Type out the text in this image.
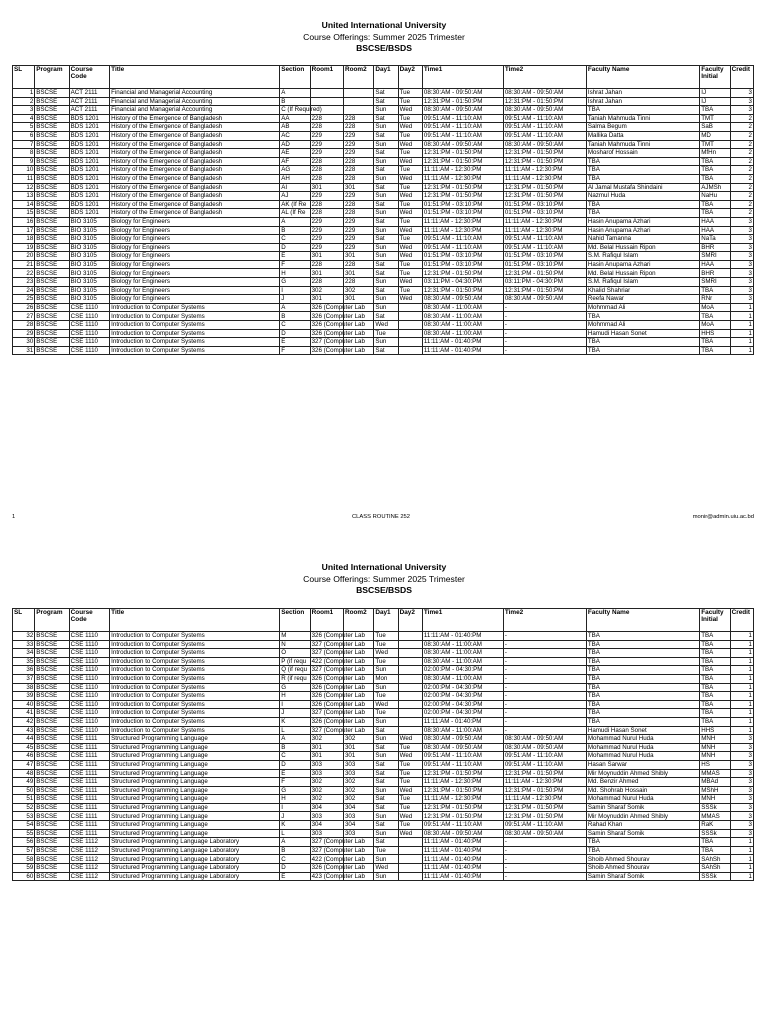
United International University
Course Offerings: Summer 2025 Trimester
BSCSE/BSDS
SL	Program	Course Code	Title	Section	Room1	Room2	Day1	Day2	Time1	Time2	Faculty Name	Faculty Initial	Credit
1	BSCSE	ACT 2111	Financial and Managerial Accounting	A			Sat	Tue	08:30:AM - 09:50:AM	08:30:AM - 09:50:AM	Ishrat Jahan	IJ	3
2	BSCSE	ACT 2111	Financial and Managerial Accounting	B			Sat	Tue	12:31:PM - 01:50:PM	12:31:PM - 01:50:PM	Ishrat Jahan	IJ	3
3	BSCSE	ACT 2111	Financial and Managerial Accounting	C (If Required)			Sun	Wed	08:30:AM - 09:50:AM	08:30:AM - 09:50:AM	TBA	TBA	3
4	BSCSE	BDS 1201	History of the Emergence of Bangladesh	AA	228	228	Sat	Tue	09:51:AM - 11:10:AM	09:51:AM - 11:10:AM	Taniah Mahmuda Tinni	TMT	2
5	BSCSE	BDS 1201	History of the Emergence of Bangladesh	AB	228	228	Sun	Wed	09:51:AM - 11:10:AM	09:51:AM - 11:10:AM	Salma Begum	SaB	2
6	BSCSE	BDS 1201	History of the Emergence of Bangladesh	AC	229	229	Sat	Tue	09:51:AM - 11:10:AM	09:51:AM - 11:10:AM	Mallika Datta	MD	2
7	BSCSE	BDS 1201	History of the Emergence of Bangladesh	AD	229	229	Sun	Wed	08:30:AM - 09:50:AM	08:30:AM - 09:50:AM	Taniah Mahmuda Tinni	TMT	2
8	BSCSE	BDS 1201	History of the Emergence of Bangladesh	AE	229	229	Sat	Tue	12:31:PM - 01:50:PM	12:31:PM - 01:50:PM	Mosharof Hossain	MfHn	2
9	BSCSE	BDS 1201	History of the Emergence of Bangladesh	AF	228	228	Sun	Wed	12:31:PM - 01:50:PM	12:31:PM - 01:50:PM	TBA	TBA	2
10	BSCSE	BDS 1201	History of the Emergence of Bangladesh	AG	228	228	Sat	Tue	11:11:AM - 12:30:PM	11:11:AM - 12:30:PM	TBA	TBA	2
11	BSCSE	BDS 1201	History of the Emergence of Bangladesh	AH	228	228	Sun	Wed	11:11:AM - 12:30:PM	11:11:AM - 12:30:PM	TBA	TBA	2
12	BSCSE	BDS 1201	History of the Emergence of Bangladesh	AI	301	301	Sat	Tue	12:31:PM - 01:50:PM	12:31:PM - 01:50:PM	Al Jamal Mustafa Shindaini	AJMSh	2
13	BSCSE	BDS 1201	History of the Emergence of Bangladesh	AJ	229	229	Sun	Wed	12:31:PM - 01:50:PM	12:31:PM - 01:50:PM	Nazmul Huda	NaHu	2
14	BSCSE	BDS 1201	History of the Emergence of Bangladesh	AK (If Re	228	228	Sat	Tue	01:51:PM - 03:10:PM	01:51:PM - 03:10:PM	TBA	TBA	2
15	BSCSE	BDS 1201	History of the Emergence of Bangladesh	AL (If Re	228	228	Sun	Wed	01:51:PM - 03:10:PM	01:51:PM - 03:10:PM	TBA	TBA	2
16	BSCSE	BIO 3105	Biology for Engineers	A	229	229	Sat	Tue	11:11:AM - 12:30:PM	11:11:AM - 12:30:PM	Hasin Anupama Azhari	HAA	3
17	BSCSE	BIO 3105	Biology for Engineers	B	229	229	Sun	Wed	11:11:AM - 12:30:PM	11:11:AM - 12:30:PM	Hasin Anupama Azhari	HAA	3
18	BSCSE	BIO 3105	Biology for Engineers	C	229	229	Sat	Tue	09:51:AM - 11:10:AM	09:51:AM - 11:10:AM	Nahid Tamanna	NaTa	3
19	BSCSE	BIO 3105	Biology for Engineers	D	229	229	Sun	Wed	09:51:AM - 11:10:AM	09:51:AM - 11:10:AM	Md. Belal Hussain Ripon	BHR	3
20	BSCSE	BIO 3105	Biology for Engineers	E	301	301	Sun	Wed	01:51:PM - 03:10:PM	01:51:PM - 03:10:PM	S.M. Rafiqul Islam	SMRI	3
21	BSCSE	BIO 3105	Biology for Engineers	F	228	228	Sat	Tue	01:51:PM - 03:10:PM	01:51:PM - 03:10:PM	Hasin Anupama Azhari	HAA	3
22	BSCSE	BIO 3105	Biology for Engineers	H	301	301	Sat	Tue	12:31:PM - 01:50:PM	12:31:PM - 01:50:PM	Md. Belal Hussain Ripon	BHR	3
23	BSCSE	BIO 3105	Biology for Engineers	G	228	228	Sun	Wed	03:11:PM - 04:30:PM	03:11:PM - 04:30:PM	S.M. Rafiqul Islam	SMRI	3
24	BSCSE	BIO 3105	Biology for Engineers	I	302	302	Sat	Tue	12:31:PM - 01:50:PM	12:31:PM - 01:50:PM	Khalid Shahriar	TBA	3
25	BSCSE	BIO 3105	Biology for Engineers	J	301	301	Sun	Wed	08:30:AM - 09:50:AM	08:30:AM - 09:50:AM	Reefa Nawar	RNr	3
26	BSCSE	CSE 1110	Introduction to Computer Systems	A	326 (Computer Lab		Sun		08:30:AM - 11:00:AM	-	Mohmmad Ali	MoA	1
27	BSCSE	CSE 1110	Introduction to Computer Systems	B	326 (Computer Lab		Sat		08:30:AM - 11:00:AM	-	TBA	TBA	1
28	BSCSE	CSE 1110	Introduction to Computer Systems	C	326 (Computer Lab		Wed		08:30:AM - 11:00:AM	-	Mohmmad Ali	MoA	1
29	BSCSE	CSE 1110	Introduction to Computer Systems	D	326 (Computer Lab		Tue		08:30:AM - 11:00:AM	-	Hamudi Hasan Sonet	HHS	1
30	BSCSE	CSE 1110	Introduction to Computer Systems	E	327 (Computer Lab		Sun		11:11:AM - 01:40:PM	-	TBA	TBA	1
31	BSCSE	CSE 1110	Introduction to Computer Systems	F	326 (Computer Lab		Sat		11:11:AM - 01:40:PM	-	TBA	TBA	1
1	CLASS ROUTINE 252	monir@admin.uiu.ac.bd
United International University
Course Offerings: Summer 2025 Trimester
BSCSE/BSDS
SL	Program	Course Code	Title	Section	Room1	Room2	Day1	Day2	Time1	Time2	Faculty Name	Faculty Initial	Credit
32	BSCSE	CSE 1110	Introduction to Computer Systems	M	326 (Computer Lab		Tue		11:11:AM - 01:40:PM	-	TBA	TBA	1
33	BSCSE	CSE 1110	Introduction to Computer Systems	N	327 (Computer Lab		Tue		08:30:AM - 11:00:AM	-	TBA	TBA	1
34	BSCSE	CSE 1110	Introduction to Computer Systems	O	327 (Computer Lab		Wed		08:30:AM - 11:00:AM	-	TBA	TBA	1
35	BSCSE	CSE 1110	Introduction to Computer Systems	P (if requ	422 (Computer Lab		Tue		08:30:AM - 11:00:AM	-	TBA	TBA	1
36	BSCSE	CSE 1110	Introduction to Computer Systems	Q (if requ	327 (Computer Lab		Sun		02:00:PM - 04:30:PM	-	TBA	TBA	1
37	BSCSE	CSE 1110	Introduction to Computer Systems	R (if requ	326 (Computer Lab		Mon		08:30:AM - 11:00:AM	-	TBA	TBA	1
38	BSCSE	CSE 1110	Introduction to Computer Systems	G	326 (Computer Lab		Sun		02:00:PM - 04:30:PM	-	TBA	TBA	1
39	BSCSE	CSE 1110	Introduction to Computer Systems	H	326 (Computer Lab		Tue		02:00:PM - 04:30:PM	-	TBA	TBA	1
40	BSCSE	CSE 1110	Introduction to Computer Systems	I	326 (Computer Lab		Wed		02:00:PM - 04:30:PM	-	TBA	TBA	1
41	BSCSE	CSE 1110	Introduction to Computer Systems	J	327 (Computer Lab		Tue		02:00:PM - 04:30:PM	-	TBA	TBA	1
42	BSCSE	CSE 1110	Introduction to Computer Systems	K	326 (Computer Lab		Sun		11:11:AM - 01:40:PM	-	TBA	TBA	1
43	BSCSE	CSE 1110	Introduction to Computer Systems	L	327 (Computer Lab		Sat		08:30:AM - 11:00:AM	-	Hamudi Hasan Sonet	HHS	1
44	BSCSE	CSE 1111	Structured Programming Language	A	302	302	Sun	Wed	08:30:AM - 09:50:AM	08:30:AM - 09:50:AM	Mohammad Nurul Huda	MNH	3
45	BSCSE	CSE 1111	Structured Programming Language	B	301	301	Sat	Tue	08:30:AM - 09:50:AM	08:30:AM - 09:50:AM	Mohammad Nurul Huda	MNH	3
46	BSCSE	CSE 1111	Structured Programming Language	C	301	301	Sun	Wed	09:51:AM - 11:10:AM	09:51:AM - 11:10:AM	Mohammad Nurul Huda	MNH	3
47	BSCSE	CSE 1111	Structured Programming Language	D	303	303	Sat	Tue	09:51:AM - 11:10:AM	09:51:AM - 11:10:AM	Hasan Sarwar	HS	3
48	BSCSE	CSE 1111	Structured Programming Language	E	303	303	Sat	Tue	12:31:PM - 01:50:PM	12:31:PM - 01:50:PM	Mir Moynuddin Ahmed Shibly	MMAS	3
49	BSCSE	CSE 1111	Structured Programming Language	F	302	302	Sat	Tue	11:11:AM - 12:30:PM	11:11:AM - 12:30:PM	Md. Benzir Ahmed	MBAd	3
50	BSCSE	CSE 1111	Structured Programming Language	G	302	302	Sun	Wed	12:31:PM - 01:50:PM	12:31:PM - 01:50:PM	Md. Shohrab Hossain	MShH	3
51	BSCSE	CSE 1111	Structured Programming Language	H	302	302	Sat	Tue	11:11:AM - 12:30:PM	11:11:AM - 12:30:PM	Mohammad Nurul Huda	MNH	3
52	BSCSE	CSE 1111	Structured Programming Language	I	304	304	Sat	Tue	12:31:PM - 01:50:PM	12:31:PM - 01:50:PM	Samin Sharaf Somik	SSSk	3
53	BSCSE	CSE 1111	Structured Programming Language	J	303	303	Sun	Wed	12:31:PM - 01:50:PM	12:31:PM - 01:50:PM	Mir Moynuddin Ahmed Shibly	MMAS	3
54	BSCSE	CSE 1111	Structured Programming Language	K	304	304	Sat	Tue	09:51:AM - 11:10:AM	09:51:AM - 11:10:AM	Rahad Khan	RaK	3
55	BSCSE	CSE 1111	Structured Programming Language	L	303	303	Sun	Wed	08:30:AM - 09:50:AM	08:30:AM - 09:50:AM	Samin Sharaf Somik	SSSk	3
56	BSCSE	CSE 1112	Structured Programming Language Laboratory	A	327 (Computer Lab		Sat		11:11:AM - 01:40:PM	-	TBA	TBA	1
57	BSCSE	CSE 1112	Structured Programming Language Laboratory	B	327 (Computer Lab		Tue		11:11:AM - 01:40:PM	-	TBA	TBA	1
58	BSCSE	CSE 1112	Structured Programming Language Laboratory	C	422 (Computer Lab		Sun		11:11:AM - 01:40:PM	-	Shoib Ahmed Shourav	SAhSh	1
59	BSCSE	CSE 1112	Structured Programming Language Laboratory	D	326 (Computer Lab		Wed		11:11:AM - 01:40:PM	-	Shoib Ahmed Shourav	SAhSh	1
60	BSCSE	CSE 1112	Structured Programming Language Laboratory	E	423 (Computer Lab		Sun		11:11:AM - 01:40:PM	-	Samin Sharaf Somik	SSSk	1
